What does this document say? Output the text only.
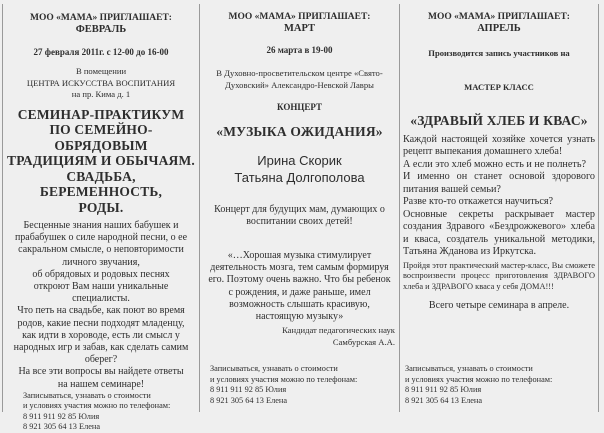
МОО «МАМА» ПРИГЛАШАЕТ:
ФЕВРАЛЬ
27 февраля 2011г. с 12-00 до 16-00
В помещении
ЦЕНТРА ИСКУССТВА ВОСПИТАНИЯ
на пр. Кима д. 1
СЕМИНАР-ПРАКТИКУМ
ПО СЕМЕЙНО-ОБРЯДОВЫМ
ТРАДИЦИЯМ И ОБЫЧАЯМ.
СВАДЬБА, БЕРЕМЕННОСТЬ,
РОДЫ.
Бесценные знания наших бабушек и
прабабушек о силе народной песни, о ее
сакральном смысле, о неповторимости
личного звучания,
об обрядовых и родовых песнях
откроют Вам наши уникальные
специалисты.
Что петь на свадьбе, как поют во время
родов, какие песни подходят младенцу,
как идти в хороводе, есть ли смысл у
народных игр и забав, как сделать самим
оберег?
На все эти вопросы вы найдете ответы
на нашем семинаре!
Записываться, узнавать о стоимости
и условиях участия можно по телефонам:
8 911 911 92 85 Юлия
8 921 305 64 13 Елена
МОО «МАМА» ПРИГЛАШАЕТ:
МАРТ
26 марта в 19-00
В Духовно-просветительском центре «Свято-
Духовский» Александро-Невской Лавры
КОНЦЕРТ
«МУЗЫКА ОЖИДАНИЯ»
Ирина Скорик
Татьяна Долгополова
Концерт для будущих мам, думающих о
воспитании своих детей!
«…Хорошая музыка стимулирует
деятельность мозга, тем самым формируя
его. Поэтому очень важно. Что бы ребенок
с рождения, и даже раньше, имел
возможность слышать красивую,
настоящую музыку»
Кандидат педагогических наук
Самбурская А.А.
Записываться, узнавать о стоимости
и условиях участия можно по телефонам:
8 911 911 92 85 Юлия
8 921 305 64 13 Елена
МОО «МАМА» ПРИГЛАШАЕТ:
АПРЕЛЬ
Производится запись участников на
МАСТЕР КЛАСС
«ЗДРАВЫЙ ХЛЕБ И КВАС»
Каждой настоящей хозяйке хочется узнать рецепт выпекания домашнего хлеба!
А если это хлеб можно есть и не полнеть?
И именно он станет основой здорового питания вашей семьи?
Разве кто-то откажется научиться?
Основные секреты раскрывает мастер создания Здравого «Бездрожжевого» хлеба и кваса, создатель уникальной методики, Татьяна Жданова из Иркутска.
Пройдя этот практический мастер-класс, Вы сможете воспроизвести процесс приготовления ЗДРАВОГО хлеба и ЗДРАВОГО кваса у себя ДОМА!!!
Всего четыре семинара в апреле.
Записываться, узнавать о стоимости
и условиях участия можно по телефонам:
8 911 911 92 85 Юлия
8 921 305 64 13 Елена
